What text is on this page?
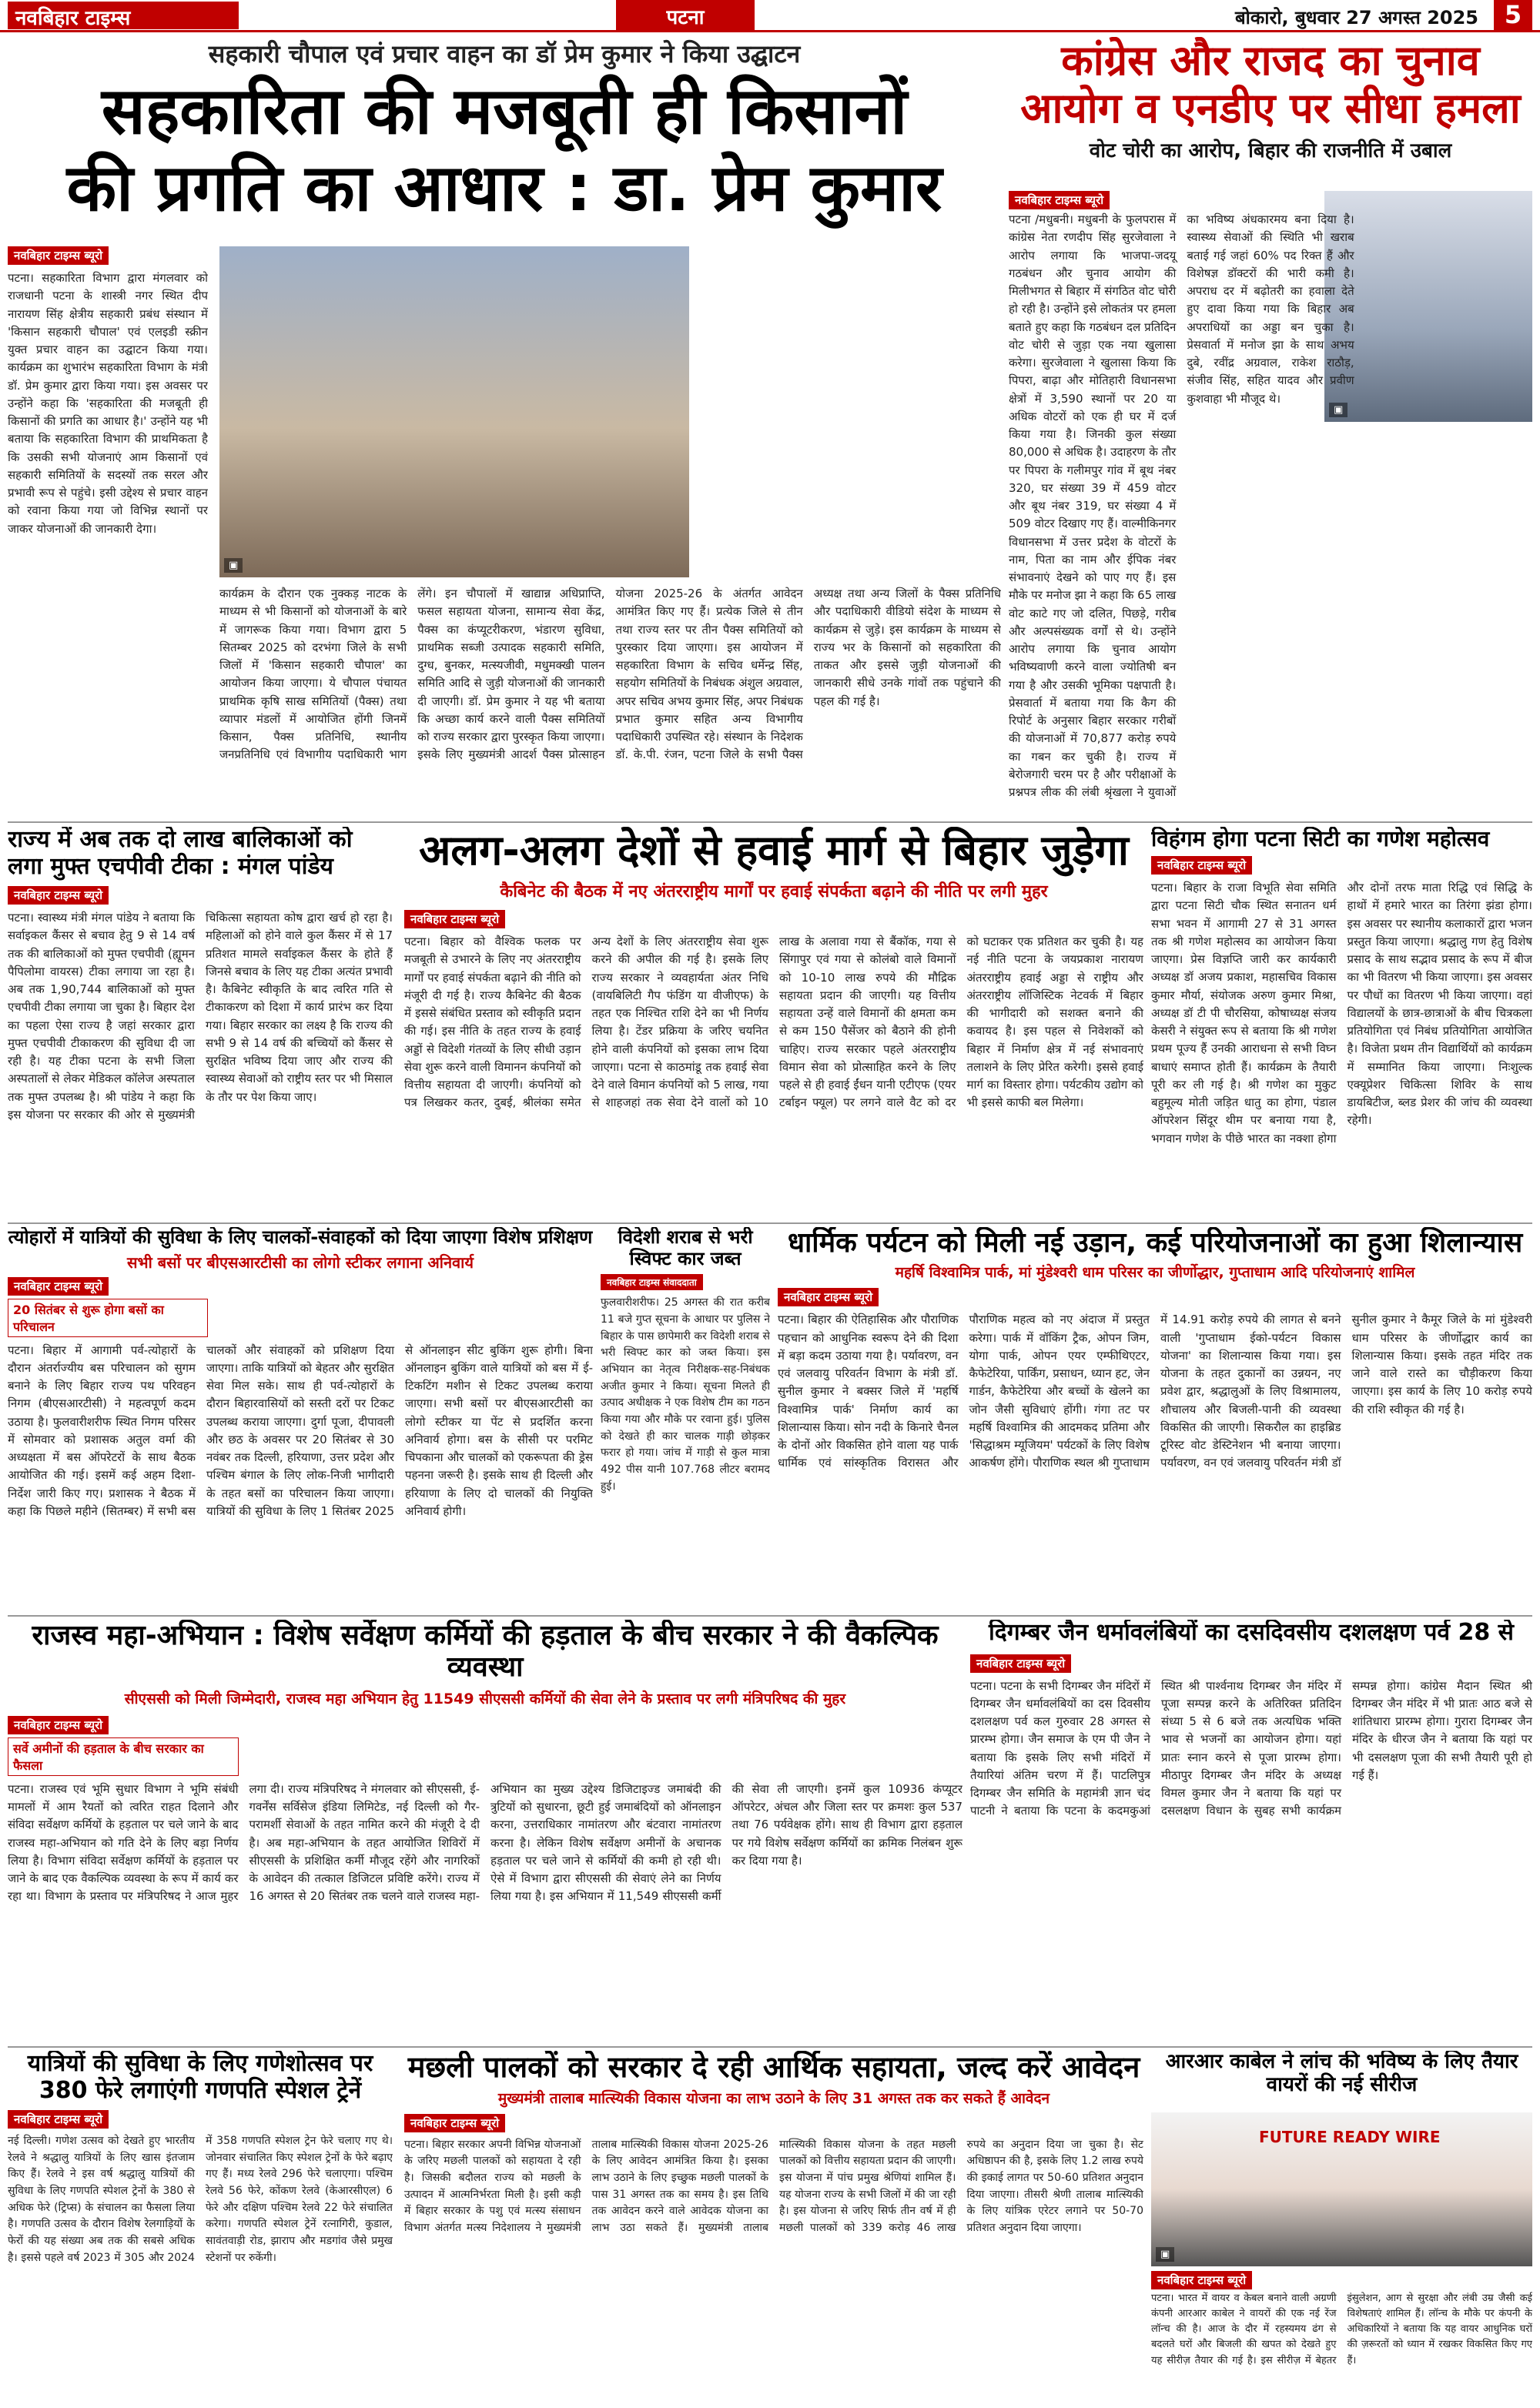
नवबिहार टाइम्स	पटना	बोकारो, बुधवार 27 अगस्त 2025	5
सहकारी चौपाल एवं प्रचार वाहन का डॉ प्रेम कुमार ने किया उद्घाटन
सहकारिता की मजबूती ही किसानों
की प्रगति का आधार : डा. प्रेम कुमार
नवबिहार टाइम्स ब्यूरो
पटना। सहकारिता विभाग द्वारा मंगलवार को राजधानी पटना के शास्त्री नगर स्थित दीप नारायण सिंह क्षेत्रीय सहकारी प्रबंध संस्थान में 'किसान सहकारी चौपाल' एवं एलइडी स्क्रीन युक्त प्रचार वाहन का उद्घाटन किया गया। कार्यक्रम का शुभारंभ सहकारिता विभाग के मंत्री डॉ. प्रेम कुमार द्वारा किया गया। इस अवसर पर उन्होंने कहा कि 'सहकारिता की मजबूती ही किसानों की प्रगति का आधार है।' उन्होंने यह भी बताया कि सहकारिता विभाग की प्राथमिकता है कि उसकी सभी योजनाएं आम किसानों एवं सहकारी समितियों के सदस्यों तक सरल और प्रभावी रूप से पहुंचे। इसी उद्देश्य से प्रचार वाहन को रवाना किया गया जो विभिन्न स्थानों पर जाकर योजनाओं की जानकारी देगा।
▣
कार्यक्रम के दौरान एक नुक्कड़ नाटक के माध्यम से भी किसानों को योजनाओं के बारे में जागरूक किया गया। विभाग द्वारा 5 सितम्बर 2025 को दरभंगा जिले के सभी जिलों में 'किसान सहकारी चौपाल' का आयोजन किया जाएगा। ये चौपाल पंचायत प्राथमिक कृषि साख समितियों (पैक्स) तथा व्यापार मंडलों में आयोजित होंगी जिनमें किसान, पैक्स प्रतिनिधि, स्थानीय जनप्रतिनिधि एवं विभागीय पदाधिकारी भाग लेंगे। इन चौपालों में खाद्यान्न अधिप्राप्ति, फसल सहायता योजना, सामान्य सेवा केंद्र, पैक्स का कंप्यूटरीकरण, भंडारण सुविधा, प्राथमिक सब्जी उत्पादक सहकारी समिति, दुग्ध, बुनकर, मत्स्यजीवी, मधुमक्खी पालन समिति आदि से जुड़ी योजनाओं की जानकारी दी जाएगी। डॉ. प्रेम कुमार ने यह भी बताया कि अच्छा कार्य करने वाली पैक्स समितियों को राज्य सरकार द्वारा पुरस्कृत किया जाएगा। इसके लिए मुख्यमंत्री आदर्श पैक्स प्रोत्साहन योजना 2025-26 के अंतर्गत आवेदन आमंत्रित किए गए हैं। प्रत्येक जिले से तीन तथा राज्य स्तर पर तीन पैक्स समितियों को पुरस्कार दिया जाएगा। इस आयोजन में सहकारिता विभाग के सचिव धर्मेन्द्र सिंह, सहयोग समितियों के निबंधक अंशुल अग्रवाल, अपर सचिव अभय कुमार सिंह, अपर निबंधक प्रभात कुमार सहित अन्य विभागीय पदाधिकारी उपस्थित रहे। संस्थान के निदेशक डॉ. के.पी. रंजन, पटना जिले के सभी पैक्स अध्यक्ष तथा अन्य जिलों के पैक्स प्रतिनिधि और पदाधिकारी वीडियो संदेश के माध्यम से कार्यक्रम से जुड़े। इस कार्यक्रम के माध्यम से राज्य भर के किसानों को सहकारिता की ताकत और इससे जुड़ी योजनाओं की जानकारी सीधे उनके गांवों तक पहुंचाने की पहल की गई है।
कांग्रेस और राजद का चुनाव
आयोग व एनडीए पर सीधा हमला
वोट चोरी का आरोप, बिहार की राजनीति में उबाल
नवबिहार टाइम्स ब्यूरो
▣
पटना /मधुबनी। मधुबनी के फुलपरास में कांग्रेस नेता रणदीप सिंह सुरजेवाला ने आरोप लगाया कि भाजपा-जदयू गठबंधन और चुनाव आयोग की मिलीभगत से बिहार में संगठित वोट चोरी हो रही है। उन्होंने इसे लोकतंत्र पर हमला बताते हुए कहा कि गठबंधन दल प्रतिदिन वोट चोरी से जुड़ा एक नया खुलासा करेगा। सुरजेवाला ने खुलासा किया कि पिपरा, बाढ़ा और मोतिहारी विधानसभा क्षेत्रों में 3,590 स्थानों पर 20 या अधिक वोटरों को एक ही घर में दर्ज किया गया है। जिनकी कुल संख्या 80,000 से अधिक है। उदाहरण के तौर पर पिपरा के गलीमपुर गांव में बूथ नंबर 320, घर संख्या 39 में 459 वोटर और बूथ नंबर 319, घर संख्या 4 में 509 वोटर दिखाए गए हैं। वाल्मीकिनगर विधानसभा में उत्तर प्रदेश के वोटरों के नाम, पिता का नाम और ईपिक नंबर संभावनाएं देखने को पाए गए हैं। इस मौके पर मनोज झा ने कहा कि 65 लाख वोट काटे गए जो दलित, पिछड़े, गरीब और अल्पसंख्यक वर्गों से थे। उन्होंने आरोप लगाया कि चुनाव आयोग भविष्यवाणी करने वाला ज्योतिषी बन गया है और उसकी भूमिका पक्षपाती है। प्रेसवार्ता में बताया गया कि कैग की रिपोर्ट के अनुसार बिहार सरकार गरीबों की योजनाओं में 70,877 करोड़ रुपये का गबन कर चुकी है। राज्य में बेरोजगारी चरम पर है और परीक्षाओं के प्रश्नपत्र लीक की लंबी श्रृंखला ने युवाओं का भविष्य अंधकारमय बना दिया है। स्वास्थ्य सेवाओं की स्थिति भी खराब बताई गई जहां 60% पद रिक्त हैं और विशेषज्ञ डॉक्टरों की भारी कमी है। अपराध दर में बढ़ोतरी का हवाला देते हुए दावा किया गया कि बिहार अब अपराधियों का अड्डा बन चुका है। प्रेसवार्ता में मनोज झा के साथ अभय दुबे, रवींद्र अग्रवाल, राकेश राठौड़, संजीव सिंह, सहित यादव और प्रवीण कुशवाहा भी मौजूद थे।
राज्य में अब तक दो लाख बालिकाओं को लगा मुफ्त एचपीवी टीका : मंगल पांडेय
नवबिहार टाइम्स ब्यूरो
पटना। स्वास्थ्य मंत्री मंगल पांडेय ने बताया कि सर्वाइकल कैंसर से बचाव हेतु 9 से 14 वर्ष तक की बालिकाओं को मुफ्त एचपीवी (ह्यूमन पैपिलोमा वायरस) टीका लगाया जा रहा है। अब तक 1,90,744 बालिकाओं को मुफ्त एचपीवी टीका लगाया जा चुका है। बिहार देश का पहला ऐसा राज्य है जहां सरकार द्वारा मुफ्त एचपीवी टीकाकरण की सुविधा दी जा रही है। यह टीका पटना के सभी जिला अस्पतालों से लेकर मेडिकल कॉलेज अस्पताल तक मुफ्त उपलब्ध है। श्री पांडेय ने कहा कि इस योजना पर सरकार की ओर से मुख्यमंत्री चिकित्सा सहायता कोष द्वारा खर्च हो रहा है। महिलाओं को होने वाले कुल कैंसर में से 17 प्रतिशत मामले सर्वाइकल कैंसर के होते हैं जिनसे बचाव के लिए यह टीका अत्यंत प्रभावी है। कैबिनेट स्वीकृति के बाद त्वरित गति से टीकाकरण को दिशा में कार्य प्रारंभ कर दिया गया। बिहार सरकार का लक्ष्य है कि राज्य की सभी 9 से 14 वर्ष की बच्चियों को कैंसर से सुरक्षित भविष्य दिया जाए और राज्य की स्वास्थ्य सेवाओं को राष्ट्रीय स्तर पर भी मिसाल के तौर पर पेश किया जाए।
अलग-अलग देशों से हवाई मार्ग से बिहार जुड़ेगा
कैबिनेट की बैठक में नए अंतरराष्ट्रीय मार्गों पर हवाई संपर्कता बढ़ाने की नीति पर लगी मुहर
नवबिहार टाइम्स ब्यूरो
पटना। बिहार को वैश्विक फलक पर मजबूती से उभारने के लिए नए अंतरराष्ट्रीय मार्गों पर हवाई संपर्कता बढ़ाने की नीति को मंजूरी दी गई है। राज्य कैबिनेट की बैठक में इससे संबंधित प्रस्ताव को स्वीकृति प्रदान की गई। इस नीति के तहत राज्य के हवाई अड्डों से विदेशी गंतव्यों के लिए सीधी उड़ान सेवा शुरू करने वाली विमानन कंपनियों को वित्तीय सहायता दी जाएगी। कंपनियों को पत्र लिखकर कतर, दुबई, श्रीलंका समेत अन्य देशों के लिए अंतरराष्ट्रीय सेवा शुरू करने की अपील की गई है। इसके लिए राज्य सरकार ने व्यवहार्यता अंतर निधि (वायबिलिटी गैप फंडिंग या वीजीएफ) के तहत एक निश्चित राशि देने का भी निर्णय लिया है। टेंडर प्रक्रिया के जरिए चयनित होने वाली कंपनियों को इसका लाभ दिया जाएगा। पटना से काठमांडू तक हवाई सेवा देने वाले विमान कंपनियों को 5 लाख, गया से शाहजहां तक सेवा देने वालों को 10 लाख के अलावा गया से बैंकॉक, गया से सिंगापुर एवं गया से कोलंबो वाले विमानों को 10-10 लाख रुपये की मौद्रिक सहायता प्रदान की जाएगी। यह वित्तीय सहायता उन्हें वाले विमानों की क्षमता कम से कम 150 पैसेंजर को बैठाने की होनी चाहिए। राज्य सरकार पहले अंतरराष्ट्रीय विमान सेवा को प्रोत्साहित करने के लिए पहले से ही हवाई ईंधन यानी एटीएफ (एयर टर्बाइन फ्यूल) पर लगने वाले वैट को दर को घटाकर एक प्रतिशत कर चुकी है। यह नई नीति पटना के जयप्रकाश नारायण अंतरराष्ट्रीय हवाई अड्डा से राष्ट्रीय और अंतरराष्ट्रीय लॉजिस्टिक नेटवर्क में बिहार की भागीदारी को सशक्त बनाने की कवायद है। इस पहल से निवेशकों को बिहार में निर्माण क्षेत्र में नई संभावनाएं तलाशने के लिए प्रेरित करेगी। इससे हवाई मार्ग का विस्तार होगा। पर्यटकीय उद्योग को भी इससे काफी बल मिलेगा।
विहंगम होगा पटना सिटी का गणेश महोत्सव
नवबिहार टाइम्स ब्यूरो
पटना। बिहार के राजा विभूति सेवा समिति द्वारा पटना सिटी चौक स्थित सनातन धर्म सभा भवन में आगामी 27 से 31 अगस्त तक श्री गणेश महोत्सव का आयोजन किया जाएगा। प्रेस विज्ञप्ति जारी कर कार्यकारी अध्यक्ष डॉ अजय प्रकाश, महासचिव विकास कुमार मौर्या, संयोजक अरुण कुमार मिश्रा, अध्यक्ष डॉ टी पी चौरसिया, कोषाध्यक्ष संजय केसरी ने संयुक्त रूप से बताया कि श्री गणेश प्रथम पूज्य हैं उनकी आराधना से सभी विघ्न बाधाएं समाप्त होती हैं। कार्यक्रम के तैयारी पूरी कर ली गई है। श्री गणेश का मुकुट बहुमूल्य मोती जड़ित धातु का होगा, पंडाल ऑपरेशन सिंदूर थीम पर बनाया गया है, भगवान गणेश के पीछे भारत का नक्शा होगा और दोनों तरफ माता रिद्धि एवं सिद्धि के हाथों में हमारे भारत का तिरंगा झंडा होगा। इस अवसर पर स्थानीय कलाकारों द्वारा भजन प्रस्तुत किया जाएगा। श्रद्धालु गण हेतु विशेष प्रसाद के साथ सद्भाव प्रसाद के रूप में बीज का भी वितरण भी किया जाएगा। इस अवसर पर पौधों का वितरण भी किया जाएगा। वहां विद्यालयों के छात्र-छात्राओं के बीच चित्रकला प्रतियोगिता एवं निबंध प्रतियोगिता आयोजित है। विजेता प्रथम तीन विद्यार्थियों को कार्यक्रम में सम्मानित किया जाएगा। निःशुल्क एक्यूप्रेशर चिकित्सा शिविर के साथ डायबिटीज, ब्लड प्रेशर की जांच की व्यवस्था रहेगी।
त्योहारों में यात्रियों की सुविधा के लिए चालकों-संवाहकों को दिया जाएगा विशेष प्रशिक्षण
सभी बसों पर बीएसआरटीसी का लोगो स्टीकर लगाना अनिवार्य
नवबिहार टाइम्स ब्यूरो
20 सितंबर से शुरू होगा बसों का परिचालन
पटना। बिहार में आगामी पर्व-त्योहारों के दौरान अंतर्राज्यीय बस परिचालन को सुगम बनाने के लिए बिहार राज्य पथ परिवहन निगम (बीएसआरटीसी) ने महत्वपूर्ण कदम उठाया है। फुलवारीशरीफ स्थित निगम परिसर में सोमवार को प्रशासक अतुल वर्मा की अध्यक्षता में बस ऑपरेटरों के साथ बैठक आयोजित की गई। इसमें कई अहम दिशा-निर्देश जारी किए गए। प्रशासक ने बैठक में कहा कि पिछले महीने (सितम्बर) में सभी बस चालकों और संवाहकों को प्रशिक्षण दिया जाएगा। ताकि यात्रियों को बेहतर और सुरक्षित सेवा मिल सके। साथ ही पर्व-त्योहारों के दौरान बिहारवासियों को सस्ती दरों पर टिकट उपलब्ध कराया जाएगा। दुर्गा पूजा, दीपावली और छठ के अवसर पर 20 सितंबर से 30 नवंबर तक दिल्ली, हरियाणा, उत्तर प्रदेश और पश्चिम बंगाल के लिए लोक-निजी भागीदारी के तहत बसों का परिचालन किया जाएगा। यात्रियों की सुविधा के लिए 1 सितंबर 2025 से ऑनलाइन सीट बुकिंग शुरू होगी। बिना ऑनलाइन बुकिंग वाले यात्रियों को बस में ई-टिकटिंग मशीन से टिकट उपलब्ध कराया जाएगा। सभी बसों पर बीएसआरटीसी का लोगो स्टीकर या पेंट से प्रदर्शित करना अनिवार्य होगा। बस के सीसी पर परमिट चिपकाना और चालकों को एकरूपता की ड्रेस पहनना जरूरी है। इसके साथ ही दिल्ली और हरियाणा के लिए दो चालकों की नियुक्ति अनिवार्य होगी।
विदेशी शराब से भरी स्विफ्ट कार जब्त
नवबिहार टाइम्स संवाददाता
फुलवारीशरीफ। 25 अगस्त की रात करीब 11 बजे गुप्त सूचना के आधार पर पुलिस ने बिहार के पास छापेमारी कर विदेशी शराब से भरी स्विफ्ट कार को जब्त किया। इस अभियान का नेतृत्व निरीक्षक-सह-निबंधक अजीत कुमार ने किया। सूचना मिलते ही उत्पाद अधीक्षक ने एक विशेष टीम का गठन किया गया और मौके पर रवाना हुई। पुलिस को देखते ही कार चालक गाड़ी छोड़कर फरार हो गया। जांच में गाड़ी से कुल मात्रा 492 पीस यानी 107.768 लीटर बरामद हुई।
धार्मिक पर्यटन को मिली नई उड़ान, कई परियोजनाओं का हुआ शिलान्यास
महर्षि विश्वामित्र पार्क, मां मुंडेश्वरी धाम परिसर का जीर्णोद्धार, गुप्ताधाम आदि परियोजनाएं शामिल
नवबिहार टाइम्स ब्यूरो
पटना। बिहार की ऐतिहासिक और पौराणिक पहचान को आधुनिक स्वरूप देने की दिशा में बड़ा कदम उठाया गया है। पर्यावरण, वन एवं जलवायु परिवर्तन विभाग के मंत्री डॉ. सुनील कुमार ने बक्सर जिले में 'महर्षि विश्वामित्र पार्क' निर्माण कार्य का शिलान्यास किया। सोन नदी के किनारे चैनल के दोनों ओर विकसित होने वाला यह पार्क धार्मिक एवं सांस्कृतिक विरासत और पौराणिक महत्व को नए अंदाज में प्रस्तुत करेगा। पार्क में वॉकिंग ट्रैक, ओपन जिम, योगा पार्क, ओपन एयर एम्फीथिएटर, कैफेटेरिया, पार्किंग, प्रसाधन, ध्यान हट, जेन गार्डन, कैफेटेरिया और बच्चों के खेलने का जोन जैसी सुविधाएं होंगी। गंगा तट पर महर्षि विश्वामित्र की आदमकद प्रतिमा और 'सिद्धाश्रम म्यूजियम' पर्यटकों के लिए विशेष आकर्षण होंगे। पौराणिक स्थल श्री गुप्ताधाम में 14.91 करोड़ रुपये की लागत से बनने वाली 'गुप्ताधाम ईको-पर्यटन विकास योजना' का शिलान्यास किया गया। इस योजना के तहत दुकानों का उन्नयन, नए प्रवेश द्वार, श्रद्धालुओं के लिए विश्रामालय, शौचालय और बिजली-पानी की व्यवस्था विकसित की जाएगी। सिकरौल का हाइब्रिड टूरिस्ट वोट डेस्टिनेशन भी बनाया जाएगा। पर्यावरण, वन एवं जलवायु परिवर्तन मंत्री डॉ सुनील कुमार ने कैमूर जिले के मां मुंडेश्वरी धाम परिसर के जीर्णोद्धार कार्य का शिलान्यास किया। इसके तहत मंदिर तक जाने वाले रास्ते का चौड़ीकरण किया जाएगा। इस कार्य के लिए 10 करोड़ रुपये की राशि स्वीकृत की गई है।
राजस्व महा-अभियान : विशेष सर्वेक्षण कर्मियों की हड़ताल के बीच सरकार ने की वैकल्पिक व्यवस्था
सीएससी को मिली जिम्मेदारी, राजस्व महा अभियान हेतु 11549 सीएससी कर्मियों की सेवा लेने के प्रस्ताव पर लगी मंत्रिपरिषद की मुहर
नवबिहार टाइम्स ब्यूरो
सर्वे अमीनों की हड़ताल के बीच सरकार का फैसला
पटना। राजस्व एवं भूमि सुधार विभाग ने भूमि संबंधी मामलों में आम रैयतों को त्वरित राहत दिलाने और संविदा सर्वेक्षण कर्मियों के हड़ताल पर चले जाने के बाद राजस्व महा-अभियान को गति देने के लिए बड़ा निर्णय लिया है। विभाग संविदा सर्वेक्षण कर्मियों के हड़ताल पर जाने के बाद एक वैकल्पिक व्यवस्था के रूप में कार्य कर रहा था। विभाग के प्रस्ताव पर मंत्रिपरिषद ने आज मुहर लगा दी। राज्य मंत्रिपरिषद ने मंगलवार को सीएससी, ई-गवर्नेंस सर्विसेज इंडिया लिमिटेड, नई दिल्ली को गैर-परामर्शी सेवाओं के तहत नामित करने की मंजूरी दे दी है। अब महा-अभियान के तहत आयोजित शिविरों में सीएससी के प्रशिक्षित कर्मी मौजूद रहेंगे और नागरिकों के आवेदन की तत्काल डिजिटल प्रविष्टि करेंगे। राज्य में 16 अगस्त से 20 सितंबर तक चलने वाले राजस्व महा-अभियान का मुख्य उद्देश्य डिजिटाइज्ड जमाबंदी की त्रुटियों को सुधारना, छूटी हुई जमाबंदियों को ऑनलाइन करना, उत्तराधिकार नामांतरण और बंटवारा नामांतरण करना है। लेकिन विशेष सर्वेक्षण अमीनों के अचानक हड़ताल पर चले जाने से कर्मियों की कमी हो रही थी। ऐसे में विभाग द्वारा सीएससी की सेवाएं लेने का निर्णय लिया गया है। इस अभियान में 11,549 सीएससी कर्मी की सेवा ली जाएगी। इनमें कुल 10936 कंप्यूटर ऑपरेटर, अंचल और जिला स्तर पर क्रमशः कुल 537 तथा 76 पर्यवेक्षक होंगे। साथ ही विभाग द्वारा हड़ताल पर गये विशेष सर्वेक्षण कर्मियों का क्रमिक निलंबन शुरू कर दिया गया है।
दिगम्बर जैन धर्मावलंबियों का दसदिवसीय दशलक्षण पर्व 28 से
नवबिहार टाइम्स ब्यूरो
पटना। पटना के सभी दिगम्बर जैन मंदिरों में दिगम्बर जैन धर्मावलंबियों का दस दिवसीय दशलक्षण पर्व कल गुरुवार 28 अगस्त से प्रारम्भ होगा। जैन समाज के एम पी जैन ने बताया कि इसके लिए सभी मंदिरों में तैयारियां अंतिम चरण में हैं। पाटलिपुत्र दिगम्बर जैन समिति के महामंत्री ज्ञान चंद पाटनी ने बताया कि पटना के कदमकुआं स्थित श्री पार्श्वनाथ दिगम्बर जैन मंदिर में पूजा सम्पन्न करने के अतिरिक्त प्रतिदिन संध्या 5 से 6 बजे तक अत्यधिक भक्ति भाव से भजनों का आयोजन होगा। यहां प्रातः स्नान करने से पूजा प्रारम्भ होगा। मीठापुर दिगम्बर जैन मंदिर के अध्यक्ष विमल कुमार जैन ने बताया कि यहां पर दसलक्षण विधान के सुबह सभी कार्यक्रम सम्पन्न होगा। कांग्रेस मैदान स्थित श्री दिगम्बर जैन मंदिर में भी प्रातः आठ बजे से शांतिधारा प्रारम्भ होगा। गुरारा दिगम्बर जैन मंदिर के धीरज जैन ने बताया कि यहां पर भी दसलक्षण पूजा की सभी तैयारी पूरी हो गई हैं।
यात्रियों की सुविधा के लिए गणेशोत्सव पर 380 फेरे लगाएंगी गणपति स्पेशल ट्रेनें
नवबिहार टाइम्स ब्यूरो
नई दिल्ली। गणेश उत्सव को देखते हुए भारतीय रेलवे ने श्रद्धालु यात्रियों के लिए खास इंतजाम किए हैं। रेलवे ने इस वर्ष श्रद्धालु यात्रियों की सुविधा के लिए गणपति स्पेशल ट्रेनों के 380 से अधिक फेरे (ट्रिप्स) के संचालन का फैसला लिया है। गणपति उत्सव के दौरान विशेष रेलगाड़ियों के फेरों की यह संख्या अब तक की सबसे अधिक है। इससे पहले वर्ष 2023 में 305 और 2024 में 358 गणपति स्पेशल ट्रेन फेरे चलाए गए थे। जोनवार संचालित किए स्पेशल ट्रेनों के फेरे बढ़ाए गए हैं। मध्य रेलवे 296 फेरे चलाएगा। पश्चिम रेलवे 56 फेरे, कोंकण रेलवे (केआरसीएल) 6 फेरे और दक्षिण पश्चिम रेलवे 22 फेरे संचालित करेगा। गणपति स्पेशल ट्रेनें रत्नागिरी, कुडाल, सावंतवाड़ी रोड, झाराप और मडगांव जैसे प्रमुख स्टेशनों पर रुकेंगी।
मछली पालकों को सरकार दे रही आर्थिक सहायता, जल्द करें आवेदन
मुख्यमंत्री तालाब मात्स्यिकी विकास योजना का लाभ उठाने के लिए 31 अगस्त तक कर सकते हैं आवेदन
नवबिहार टाइम्स ब्यूरो
पटना। बिहार सरकार अपनी विभिन्न योजनाओं के जरिए मछली पालकों को सहायता दे रही है। जिसकी बदौलत राज्य को मछली के उत्पादन में आत्मनिर्भरता मिली है। इसी कड़ी में बिहार सरकार के पशु एवं मत्स्य संसाधन विभाग अंतर्गत मत्स्य निदेशालय ने मुख्यमंत्री तालाब मात्स्यिकी विकास योजना 2025-26 के लिए आवेदन आमंत्रित किया है। इसका लाभ उठाने के लिए इच्छुक मछली पालकों के पास 31 अगस्त तक का समय है। इस तिथि तक आवेदन करने वाले आवेदक योजना का लाभ उठा सकते हैं। मुख्यमंत्री तालाब मात्स्यिकी विकास योजना के तहत मछली पालकों को वित्तीय सहायता प्रदान की जाएगी। इस योजना में पांच प्रमुख श्रेणियां शामिल हैं। यह योजना राज्य के सभी जिलों में की जा रही है। इस योजना से जरिए सिर्फ तीन वर्ष में ही मछली पालकों को 339 करोड़ 46 लाख रुपये का अनुदान दिया जा चुका है। सेट अधिष्ठापन की है, इसके लिए 1.2 लाख रुपये की इकाई लागत पर 50-60 प्रतिशत अनुदान दिया जाएगा। तीसरी श्रेणी तालाब मात्स्यिकी के लिए यांत्रिक एरेटर लगाने पर 50-70 प्रतिशत अनुदान दिया जाएगा।
आरआर काबेल ने लांच की भविष्य के लिए तैयार वायरों की नई सीरीज
FUTURE READY WIRE
▣
नवबिहार टाइम्स ब्यूरो
पटना। भारत में वायर व केबल बनाने वाली अग्रणी कंपनी आरआर काबेल ने वायरों की एक नई रेंज लॉन्च की है। आज के दौर में रहस्यमय ढंग से बदलते घरों और बिजली की खपत को देखते हुए यह सीरीज़ तैयार की गई है। इस सीरीज़ में बेहतर इंसुलेशन, आग से सुरक्षा और लंबी उम्र जैसी कई विशेषताएं शामिल हैं। लॉन्च के मौके पर कंपनी के अधिकारियों ने बताया कि यह वायर आधुनिक घरों की ज़रूरतों को ध्यान में रखकर विकसित किए गए हैं।
